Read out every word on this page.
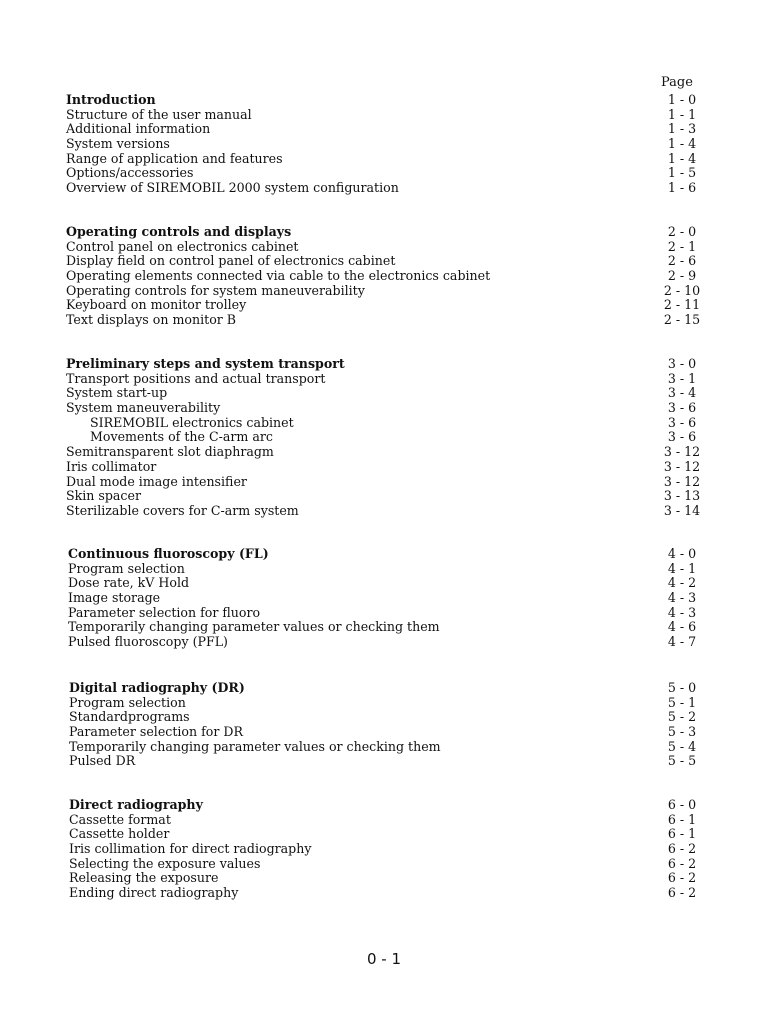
Page
Introduction	1 - 0
Structure of the user manual	1 - 1
Additional information	1 - 3
System versions	1 - 4
Range of application and features	1 - 4
Options/accessories	1 - 5
Overview of SIREMOBIL 2000 system configuration	1 - 6
Operating controls and displays	2 - 0
Control panel on electronics cabinet	2 - 1
Display field on control panel of electronics cabinet	2 - 6
Operating elements connected via cable to the electronics cabinet	2 - 9
Operating controls for system maneuverability	2 - 10
Keyboard on monitor trolley	2 - 11
Text displays on monitor B	2 - 15
Preliminary steps and system transport	3 - 0
Transport positions and actual transport	3 - 1
System start-up	3 - 4
System maneuverability	3 - 6
SIREMOBIL electronics cabinet	3 - 6
Movements of the C-arm arc	3 - 6
Semitransparent slot diaphragm	3 - 12
Iris collimator	3 - 12
Dual mode image intensifier	3 - 12
Skin spacer	3 - 13
Sterilizable covers for C-arm system	3 - 14
Continuous fluoroscopy (FL)	4 - 0
Program selection	4 - 1
Dose rate, kV Hold	4 - 2
Image storage	4 - 3
Parameter selection for fluoro	4 - 3
Temporarily changing parameter values or checking them	4 - 6
Pulsed fluoroscopy (PFL)	4 - 7
Digital radiography (DR)	5 - 0
Program selection	5 - 1
Standardprograms	5 - 2
Parameter selection for DR	5 - 3
Temporarily changing parameter values or checking them	5 - 4
Pulsed DR	5 - 5
Direct radiography	6 - 0
Cassette format	6 - 1
Cassette holder	6 - 1
Iris collimation for direct radiography	6 - 2
Selecting the exposure values	6 - 2
Releasing the exposure	6 - 2
Ending direct radiography	6 - 2
0 - 1
